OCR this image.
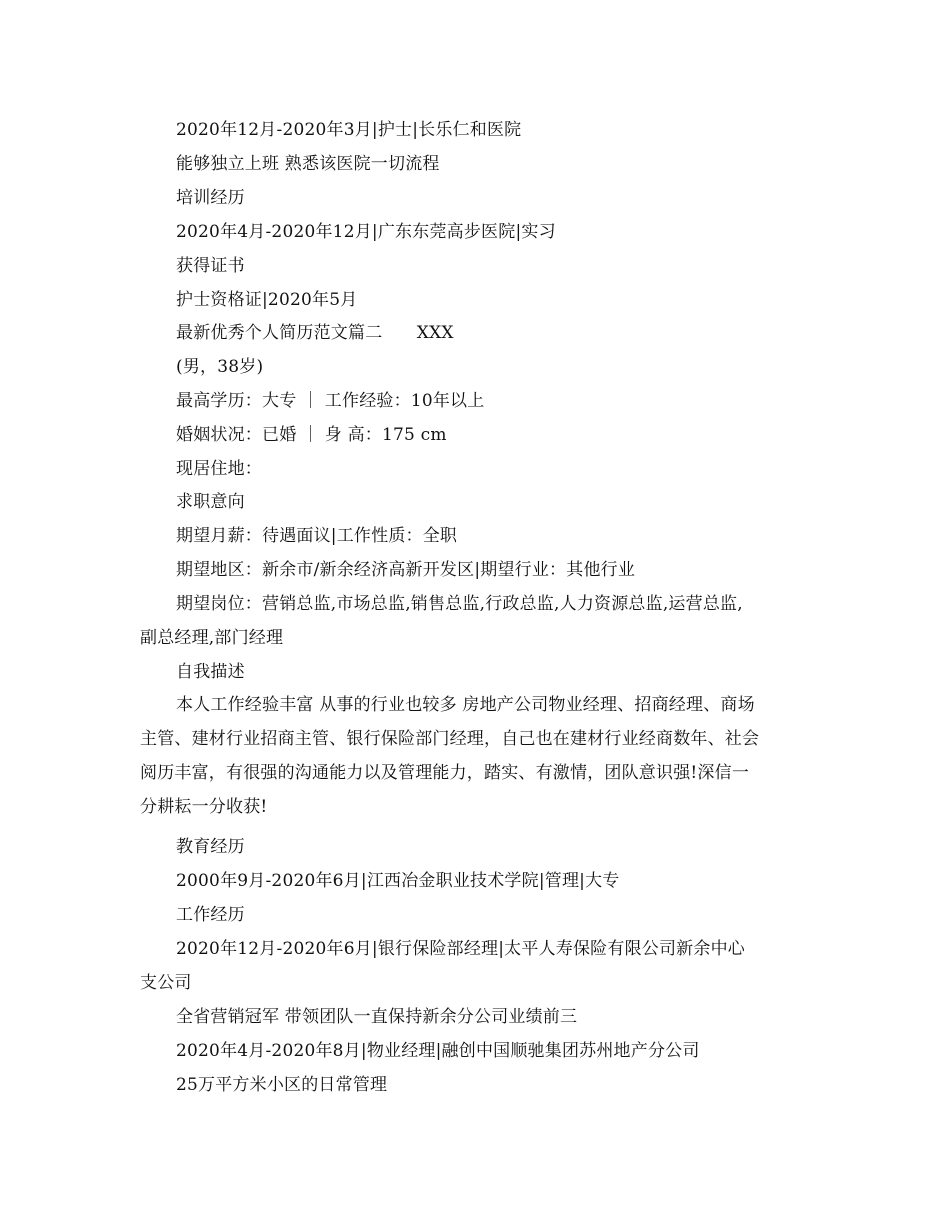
2020年12月-2020年3月|护士|长乐仁和医院
能够独立上班 熟悉该医院一切流程
培训经历
2020年4月-2020年12月|广东东莞高步医院|实习
获得证书
护士资格证|2020年5月
最新优秀个人简历范文篇二　　XXX
(男，38岁)
最高学历：大专 ｜ 工作经验：10年以上
婚姻状况：已婚 ｜ 身 高：175 cm
现居住地：
求职意向
期望月薪：待遇面议|工作性质：全职
期望地区：新余市/新余经济高新开发区|期望行业：其他行业
期望岗位：营销总监,市场总监,销售总监,行政总监,人力资源总监,运营总监,
副总经理,部门经理
自我描述
本人工作经验丰富 从事的行业也较多 房地产公司物业经理、招商经理、商场
主管、建材行业招商主管、银行保险部门经理，自己也在建材行业经商数年、社会
阅历丰富，有很强的沟通能力以及管理能力，踏实、有激情，团队意识强!深信一
分耕耘一分收获!
教育经历
2000年9月-2020年6月|江西冶金职业技术学院|管理|大专
工作经历
2020年12月-2020年6月|银行保险部经理|太平人寿保险有限公司新余中心
支公司
全省营销冠军 带领团队一直保持新余分公司业绩前三
2020年4月-2020年8月|物业经理|融创中国顺驰集团苏州地产分公司
25万平方米小区的日常管理
